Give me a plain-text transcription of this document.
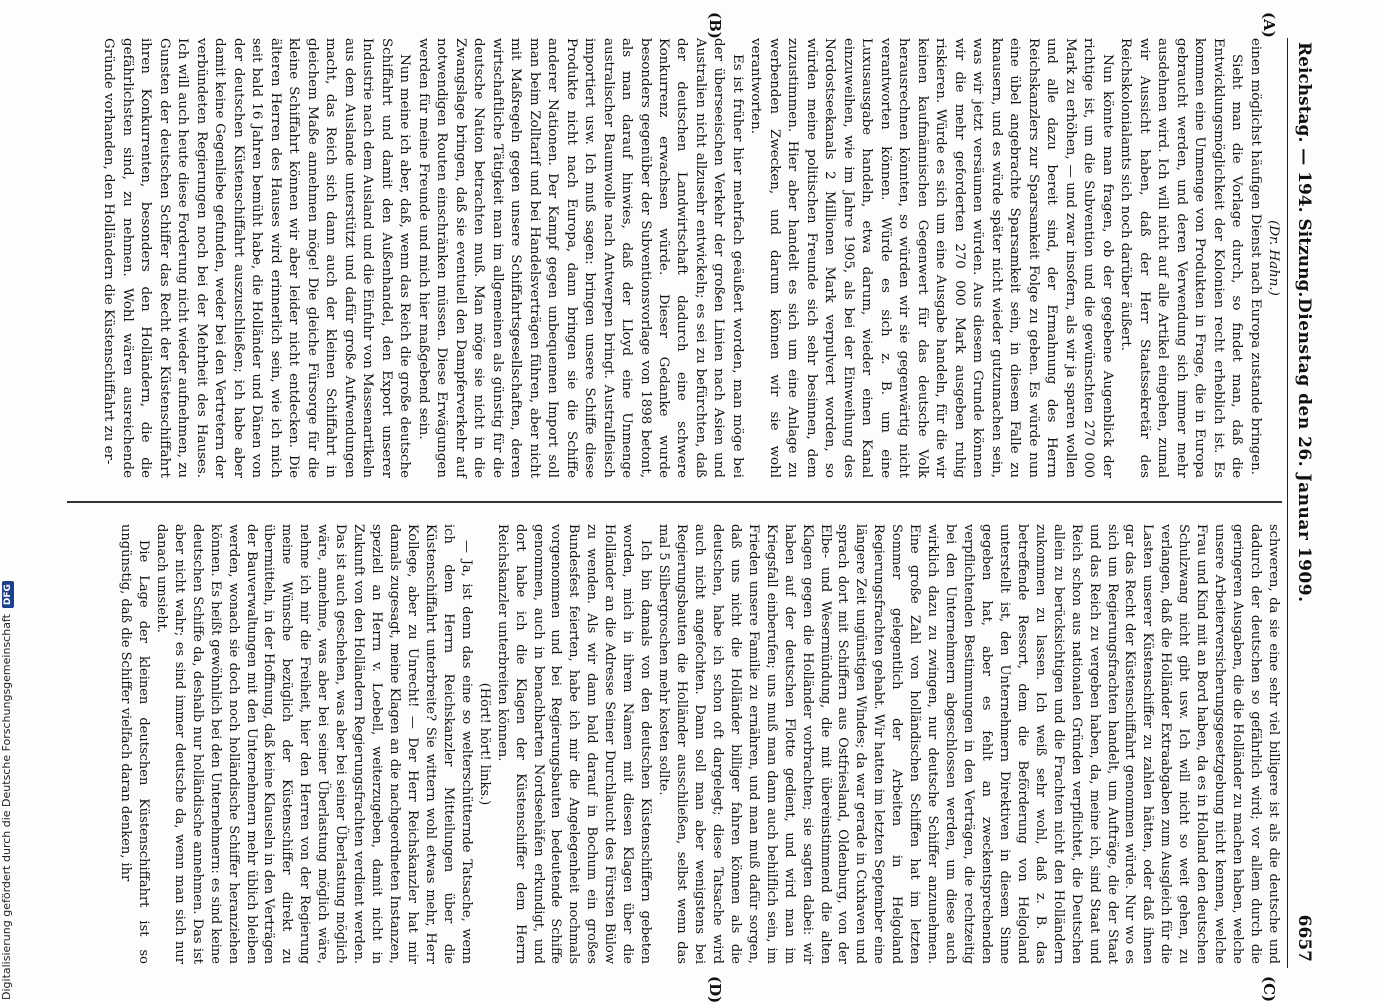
Reichstag. — 194. Sitzung.
Dienstag den 26. Januar 1909.
6657
(A)
(B)
(C)
(D)

(Dr. Hahn.)

einen möglichst häufigen Dienst nach Europa zustande bringen.

Sieht man die Vorlage durch, so findet man, daß die Entwicklungsmöglichkeit der Kolonien recht erheblich ist. Es kommen eine Unmenge von Produkten in Frage, die in Europa gebraucht werden, und deren Verwendung sich immer mehr ausdehnen wird. Ich will nicht auf alle Artikel eingehen, zumal wir Aussicht haben, daß der Herr Staatssekretär des Reichskolonialamts sich noch darüber äußert.

Nun könnte man fragen, ob der gegebene Augenblick der richtige ist, um die Subvention und die gewünschten 270 000 Mark zu erhöhen, — und zwar insofern, als wir ja sparen wollen und alle dazu bereit sind, der Ermahnung des Herrn Reichskanzlers zur Sparsamkeit Folge zu geben. Es würde nun eine übel angebrachte Sparsamkeit sein, in diesem Falle zu knausern, und es würde später nicht wieder gutzumachen sein, was wir jetzt versäumen würden. Aus diesem Grunde können wir die mehr geforderten 270 000 Mark ausgeben ruhig riskieren. Würde es sich um eine Ausgabe handeln, für die wir keinen kaufmännischen Gegenwert für das deutsche Volk herausrechnen könnten, so würden wir sie gegenwärtig nicht verantworten können. Würde es sich z. B. um eine Luxusausgabe handeln, etwa darum, wieder einen Kanal einzuweihen, wie im Jahre 1905, als bei der Einweihung des Nordostseekanals 2 Millionen Mark verpulvert worden, so würden meine politischen Freunde sich sehr besinnen, dem zuzustimmen. Hier aber handelt es sich um eine Anlage zu werbenden Zwecken, und darum können wir sie wohl verantworten.

Es ist früher hier mehrfach geäußert worden, man möge bei der überseeischen Verkehr der großen Linien nach Asien und Australien nicht allzusehr entwickeln; es sei zu befürchten, daß der deutschen Landwirtschaft dadurch eine schwere Konkurrenz erwachsen würde. Dieser Gedanke wurde besonders gegenüber der Subventionsvorlage von 1898 betont, als man darauf hinwies, daß der Lloyd eine Unmenge australischer Baumwolle nach Antwerpen bringt. Australfleisch importiert usw. Ich muß sagen: bringen unsere Schiffe diese Produkte nicht nach Europa, dann bringen sie die Schiffe anderer Nationen. Der Kampf gegen unbequemen Import soll man beim Zolltarif und bei Handelsverträgen führen, aber nicht mit Maßregeln gegen unsere Schiffahrtsgesellschaften, deren wirtschaftliche Tätigkeit man im allgemeinen als günstig für die deutsche Nation betrachten muß. Man möge sie nicht in die Zwangslage bringen, daß sie eventuell den Dampferverkehr auf notwendigen Routen einschränken müssen. Diese Erwägungen werden für meine Freunde und mich hier maßgebend sein.

Nun meine ich aber, daß, wenn das Reich die große deutsche Schiffahrt und damit den Außenhandel, den Export unserer Industrie nach dem Ausland und die Einfuhr von Massenartikeln aus dem Auslande unterstützt und dafür große Aufwendungen macht, das Reich sich dann auch der kleinen Schiffahrt in gleichem Maße annehmen möge! Die gleiche Fürsorge für die kleine Schiffahrt können wir aber leider nicht entdecken. Die älteren Herren des Hauses wird erinnerlich sein, wie ich mich seit bald 16 Jahren bemüht habe, die Holländer und Dänen von der deutschen Küstenschiffahrt auszuschließen; ich habe aber damit keine Gegenliebe gefunden, weder bei den Vertretern der verbündeten Regierungen noch bei der Mehrheit des Hauses. Ich will auch heute diese Forderung nicht wieder aufnehmen, zu Gunsten der deutschen Schiffer das Recht der Küstenschiffahrt ihren Konkurrenten, besonders den Holländern, die die gefährlichsten sind, zu nehmen. Wohl wären ausreichende Gründe vorhanden, den Holländern die Küstenschiffahrt zu er-

schweren, da sie eine sehr viel billigere ist als die deutsche und dadurch der deutschen so gefährlich wird; vor allem durch die geringeren Ausgaben, die die Holländer zu machen haben, welche unsere Arbeiterversicherungsgesetzgebung nicht kennen, welche Frau und Kind mit an Bord haben, da es in Holland den deutschen Schulzwang nicht gibt usw. Ich will nicht so weit gehen, zu verlangen, daß die Holländer Extraabgaben zum Ausgleich für die Lasten unserer Küstenschiffer zu zahlen hätten, oder daß ihnen gar das Recht der Küstenschiffahrt genommen würde. Nur wo es sich um Regierungsfrachten handelt, um Aufträge, die der Staat und das Reich zu vergeben haben, da, meine ich, sind Staat und Reich schon aus nationalen Gründen verpflichtet, die Deutschen allein zu berücksichtigen und die Frachten nicht den Holländern zukommen zu lassen. Ich weiß sehr wohl, daß z. B. das betreffende Ressort, dem die Beförderung von Helgoland unterstellt ist, den Unternehmern Direktiven in diesem Sinne gegeben hat, aber es fehlt an zweckentsprechenden verpflichtenden Bestimmungen in den Verträgen, die rechtzeitig bei den Unternehmern abgeschlossen werden, um diese auch wirklich dazu zu zwingen, nur deutsche Schiffer anzunehmen. Eine große Zahl von holländischen Schiffen hat im letzten Sommer gelegentlich der Arbeiten in Helgoland Regierungsfrachten gehabt. Wir hatten im letzten September eine längere Zeit ungünstigen Windes; da war gerade in Cuxhaven und sprach dort mit Schiffern aus Ostfriesland, Oldenburg, von der Elbe- und Wesermündung, die mit übereinstimmend die alten Klagen gegen die Holländer vorbrachten; sie sagten dabei: wir haben auf der deutschen Flotte gedient, und wird man im Kriegsfall einberufen; uns muß man dann auch behilflich sein, im Frieden unsere Familie zu ernähren, und man muß dafür sorgen, daß uns nicht die Holländer billiger fahren können als die deutschen, habe ich schon oft dargelegt; diese Tatsache wird auch nicht angefochten. Dann soll man aber wenigstens bei Regierungsbauten die Holländer ausschließen, selbst wenn das mal 5 Silbergroschen mehr kosten sollte.

Ich bin damals von den deutschen Küstenschiffern gebeten worden, mich in ihrem Namen mit diesen Klagen über die Holländer an die Adresse Seiner Durchlaucht des Fürsten Bülow zu wenden. Als wir dann bald darauf in Bochum ein großes Bundesfest feierten, habe ich mir die Angelegenheit nochmals vorgenommen und bei Regierungsbauten bedeutende Schiffe genommen, auch in benachbarten Nordseehäfen erkundigt, und dort habe ich die Klagen der Küstenschiffer dem Herrn Reichskanzler unterbreiten können.

(Hört! hört! links.)

— Ja, ist denn das eine so welterschütternde Tatsache, wenn ich dem Herrn Reichskanzler Mitteilungen über die Küstenschiffahrt unterbreite? Sie wittern wohl etwas mehr, Herr Kollege, aber zu Unrecht! — Der Herr Reichskanzler hat mir damals zugesagt, meine Klagen an die nachgeordneten Instanzen, speziell an Herrn v. Loebell, weiterzugeben, damit nicht in Zukunft von den Holländern Regierungsfrachten verdient werden. Das ist auch geschehen, was aber bei seiner Überlastung möglich wäre, annehme, was aber bei seiner Überlastung möglich wäre, nehme ich mir die Freiheit, hier den Herren von der Regierung meine Wünsche bezüglich der Küstenschiffer direkt zu übermitteln, in der Hoffnung, daß keine Klauseln in den Verträgen der Bauverwaltungen mit den Unternehmern mehr üblich bleiben werden, wonach sie doch noch holländische Schiffer heranziehen können. Es heißt gewöhnlich bei den Unternehmern: es sind keine deutschen Schiffe da, deshalb nur holländische annehmen. Das ist aber nicht wahr; es sind immer deutsche da, wenn man sich nur danach umsieht.

Die Lage der kleinen deutschen Küstenschiffahrt ist so ungünstig, daß die Schiffer vielfach daran denken, ihr

Digitalisierung gefördert durch die Deutsche ForschungsgemeinschaftDFG
